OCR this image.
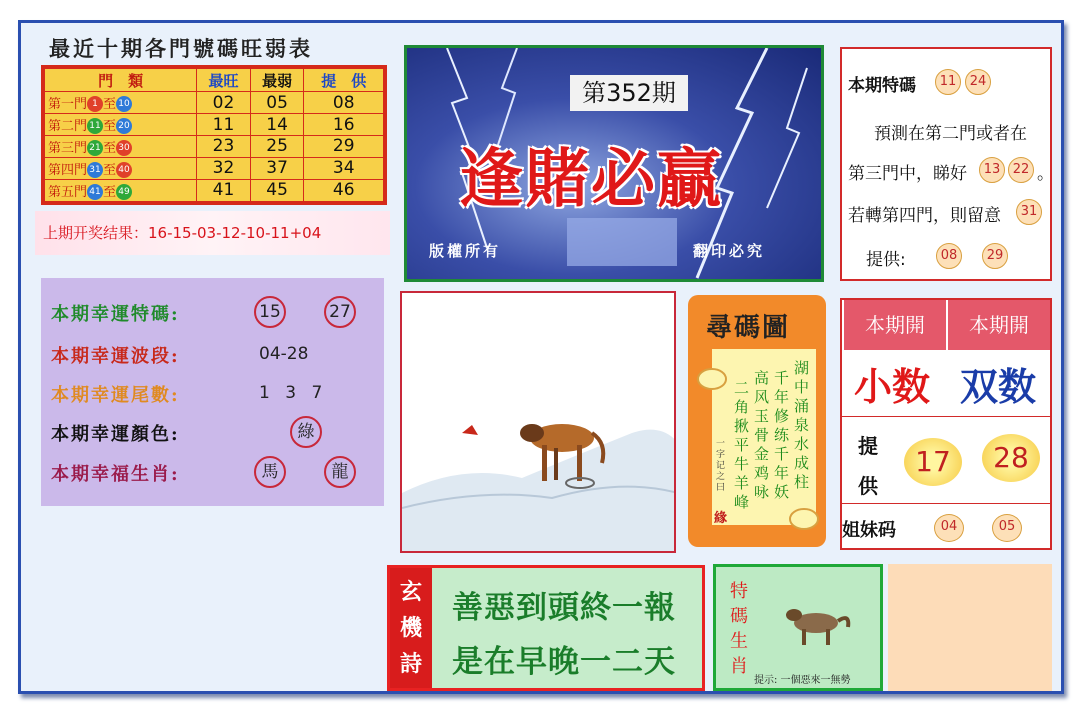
最近十期各門號碼旺弱表
門　類	最旺	最弱	提　供
第一門 1 至 10	02	05	08
第二門 11 至 20	11	14	16
第三門 21 至 30	23	25	29
第四門 31 至 40	32	37	34
第五門 41 至 49	41	45	46
上期开奖结果：16-15-03-12-10-11+04
本期幸運特碼:	15	27
本期幸運波段:	04-28
本期幸運尾數:	1 3 7
本期幸運顏色:	綠
本期幸福生肖:	馬	龍
第352期
逢賭必贏
版權所有	翻印必究
本期特碼	11	24
預測在第二門或者在
第三門中，睇好	13 22 。
若轉第四門，則留意	31
提供:	08	29
尋碼圖
湖中涌泉水成柱
千年修练千年妖
高风玉骨金鸡咏
二角揪平牛羊峰
一字记之曰
緣
本期開	本期開
小数 双数
提供
17	28
姐妹码	04	05
玄機詩
善惡到頭終一報
是在早晚一二天
特碼生肖
提示: 一個惡來一無勢
